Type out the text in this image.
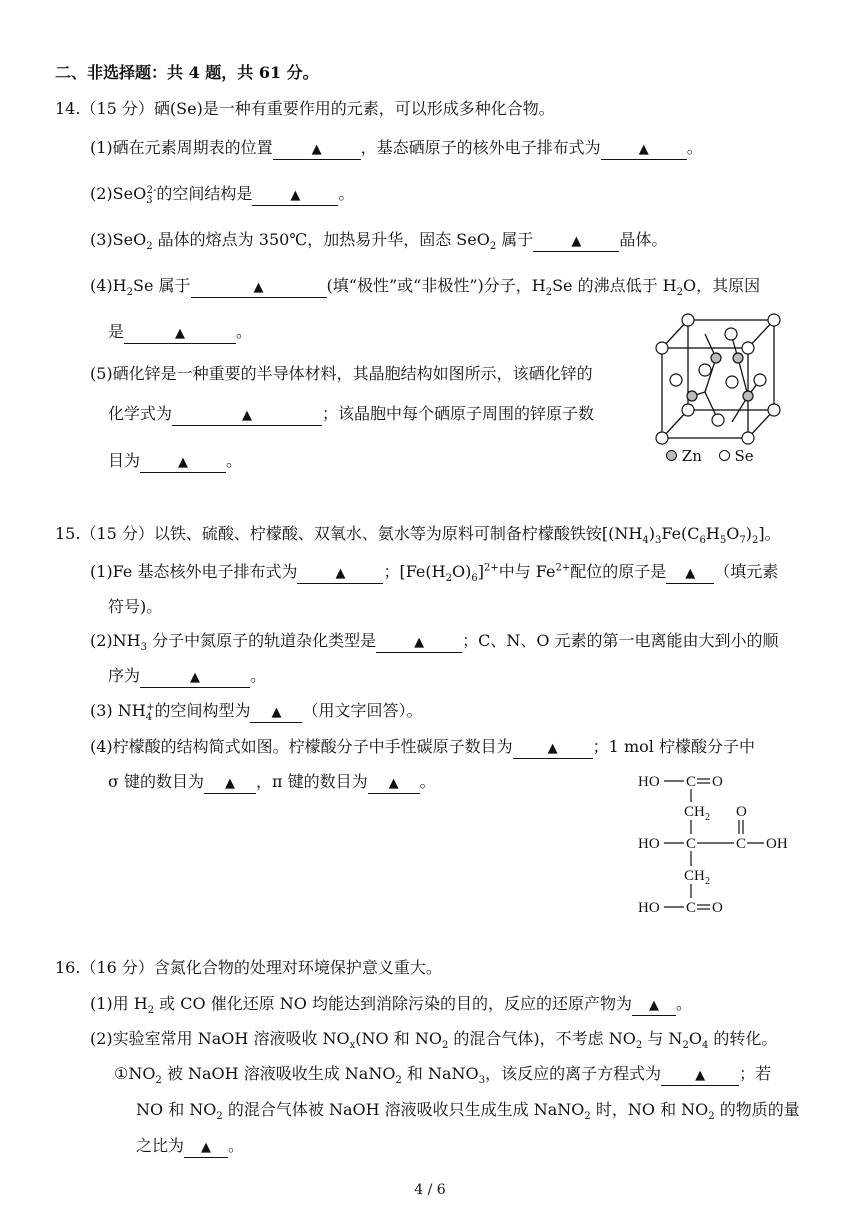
二、非选择题：共 4 题，共 61 分。
14.（15 分）硒(Se)是一种有重要作用的元素，可以形成多种化合物。
(1)硒在元素周期表的位置	▲ ，基态硒原子的核外电子排布式为	▲ 。
(2)SeO$_3^{2-}$的空间结构是	▲ 。
(3)SeO$_2$ 晶体的熔点为 350℃，加热易升华，固态 SeO$_2$ 属于	▲ 晶体。
$(4)H_2Se$ 属于	▲	(填“极性”或“非极性”)分子，$H_2Se$ 的沸点低于 $H_2O$，其原因
是	▲	。
(5)硒化锌是一种重要的半导体材料，其晶胞结构如图所示，该硒化锌的
化学式为	▲	；该晶胞中每个硒原子周围的锌原子数
目为	▲ 。	Zn Se
15.（15 分）以铁、硫酸、柠檬酸、双氧水、氨水等为原料可制备柠檬酸铁铵$[(NH_4)_3Fe(C_6H_5O_7)_2]$。
(1)Fe 基态核外电子排布式为	▲ ；$[Fe(H_2O)_6]^{2+}$中与 $Fe^{2+}$配位的原子是 ▲ （填元素
符号)。
$(2)NH_3$ 分子中氮原子的轨道杂化类型是	▲ ；C、N、O 元素的第一电离能由大到小的顺
序为	▲	。
(3) $NH_4^+$的空间构型为 ▲ （用文字回答）。
(4)柠檬酸的结构简式如图。柠檬酸分子中手性碳原子数目为	▲ ；1 mol 柠檬酸分子中
σ 键的数目为 ▲ ，π 键的数目为 ▲ 。	HO C O
CH 2 O
HO C	C OH
CH 2
HO C O
16.（16 分）含氮化合物的处理对环境保护意义重大。
(1)用 $H_2$ 或 CO 催化还原 NO 均能达到消除污染的目的，反应的还原产物为 ▲ 。
(2)实验室常用 NaOH 溶液吸收 $NO_x(NO$ 和 $NO_2$ 的混合气体)，不考虑 $NO_2$ 与 $N_2O_4$ 的转化。
$①NO_2$ 被 NaOH 溶液吸收生成 NaNO$_2$ 和 NaNO$_3$，该反应的离子方程式为	▲ ；若
NO 和 $NO_2$ 的混合气体被 NaOH 溶液吸收只生成生成 NaNO$_2$ 时，NO 和 $NO_2$ 的物质的量
之比为 ▲ 。
4 / 6
